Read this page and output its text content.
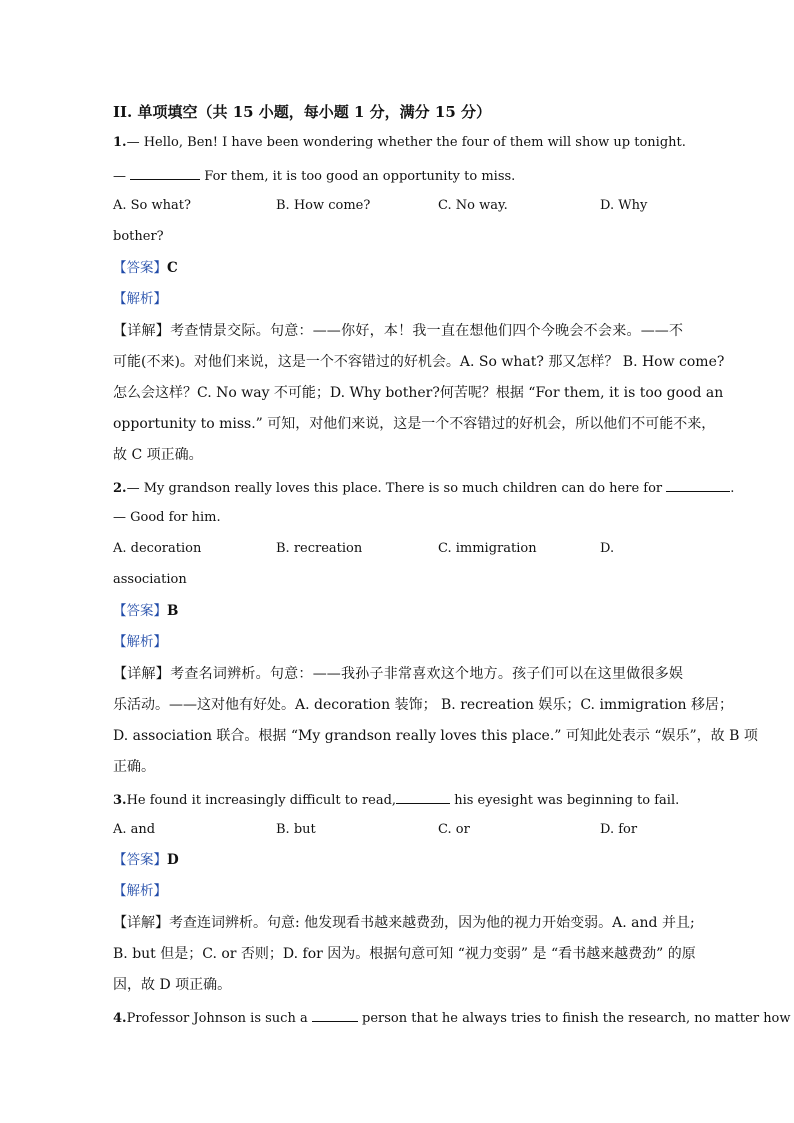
II. 单项填空（共 15 小题，每小题 1 分，满分 15 分）
1.— Hello, Ben! I have been wondering whether the four of them will show up tonight.
—	For them, it is too good an opportunity to miss.
A. So what?	B. How come?	C. No way.	D. Why
bother?
【答案】C
【解析】
【详解】考查情景交际。句意：——你好，本！我一直在想他们四个今晚会不会来。——不
可能(不来)。对他们来说，这是一个不容错过的好机会。A. So what? 那又怎样？ B. How come?
怎么会这样？C. No way 不可能；D. Why bother?何苦呢？根据 “For them, it is too good an
opportunity to miss.” 可知，对他们来说，这是一个不容错过的好机会，所以他们不可能不来，
故 C 项正确。
2.— My grandson really loves this place. There is so much children can do here for	.
— Good for him.
A. decoration	B. recreation	C. immigration	D.
association
【答案】B
【解析】
【详解】考查名词辨析。句意：——我孙子非常喜欢这个地方。孩子们可以在这里做很多娱
乐活动。——这对他有好处。A. decoration 装饰； B. recreation 娱乐；C. immigration 移居；
D. association 联合。根据 “My grandson really loves this place.” 可知此处表示 “娱乐”，故 B 项
正确。
3.He found it increasingly difficult to read,	his eyesight was beginning to fail.
A. and	B. but	C. or	D. for
【答案】D
【解析】
【详解】考查连词辨析。句意: 他发现看书越来越费劲，因为他的视力开始变弱。A. and 并且;
B. but 但是；C. or 否则；D. for 因为。根据句意可知 “视力变弱” 是 “看书越来越费劲” 的原
因，故 D 项正确。
4.Professor Johnson is such a	person that he always tries to finish the research, no matter how
